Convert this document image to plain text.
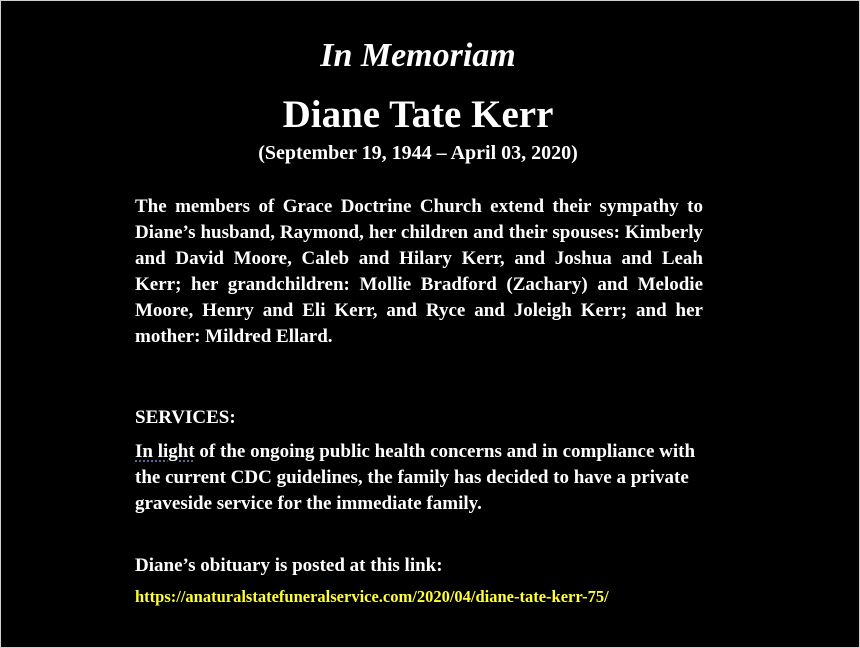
In Memoriam
Diane Tate Kerr
(September 19, 1944 – April 03, 2020)
The members of Grace Doctrine Church extend their sympathy to Diane’s husband, Raymond, her children and their spouses: Kimberly and David Moore, Caleb and Hilary Kerr, and Joshua and Leah Kerr; her grandchildren: Mollie Bradford (Zachary) and Melodie Moore, Henry and Eli Kerr, and Ryce and Joleigh Kerr; and her mother: Mildred Ellard.
SERVICES:
In light of the ongoing public health concerns and in compliance with the current CDC guidelines, the family has decided to have a private graveside service for the immediate family.
Diane’s obituary is posted at this link:
https://anaturalstatefuneralservice.com/2020/04/diane-tate-kerr-75/
